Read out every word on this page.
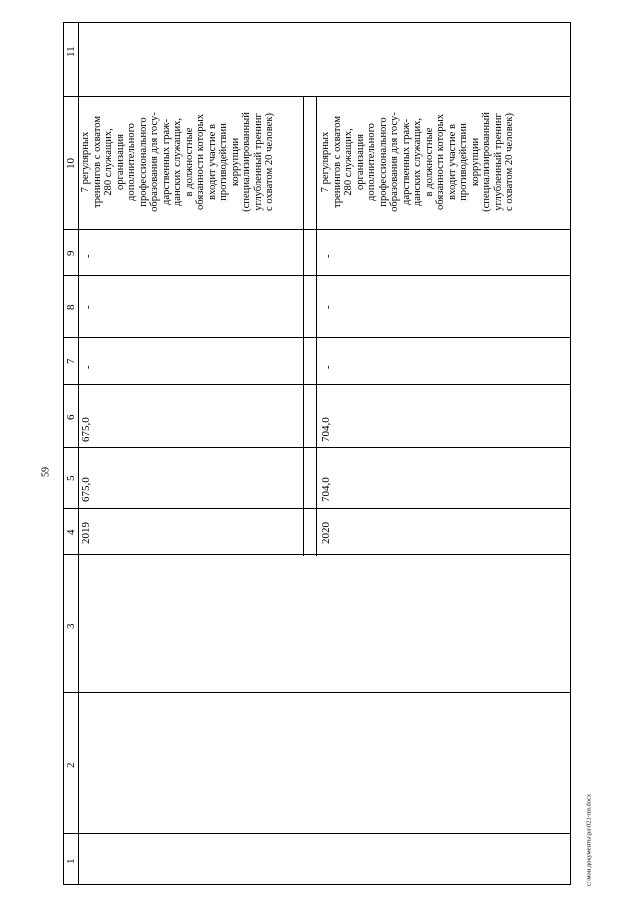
59
11
10
9
8
7
6
5
4
3
2
1
2019
675,0
675,0
-
-
-
7 регулярных
тренингов с охватом
280 служащих,
организация
дополнительного
профессионального
образования для госу-
дарственных граж-
данских служащих,
в должностные
обязанности которых
входит участие в
противодействии
коррупции
(специализированный
углубленный тренинг
с охватом 20 человек)
2020
704,0
704,0
-
-
-
7 регулярных
тренингов с охватом
280 служащих,
организация
дополнительного
профессионального
образования для госу-
дарственных граж-
данских служащих,
в должностные
обязанности которых
входит участие в
противодействии
коррупции
(специализированный
углубленный тренинг
с охватом 20 человек)
с:\мои документы\ра\021-пп.docx
